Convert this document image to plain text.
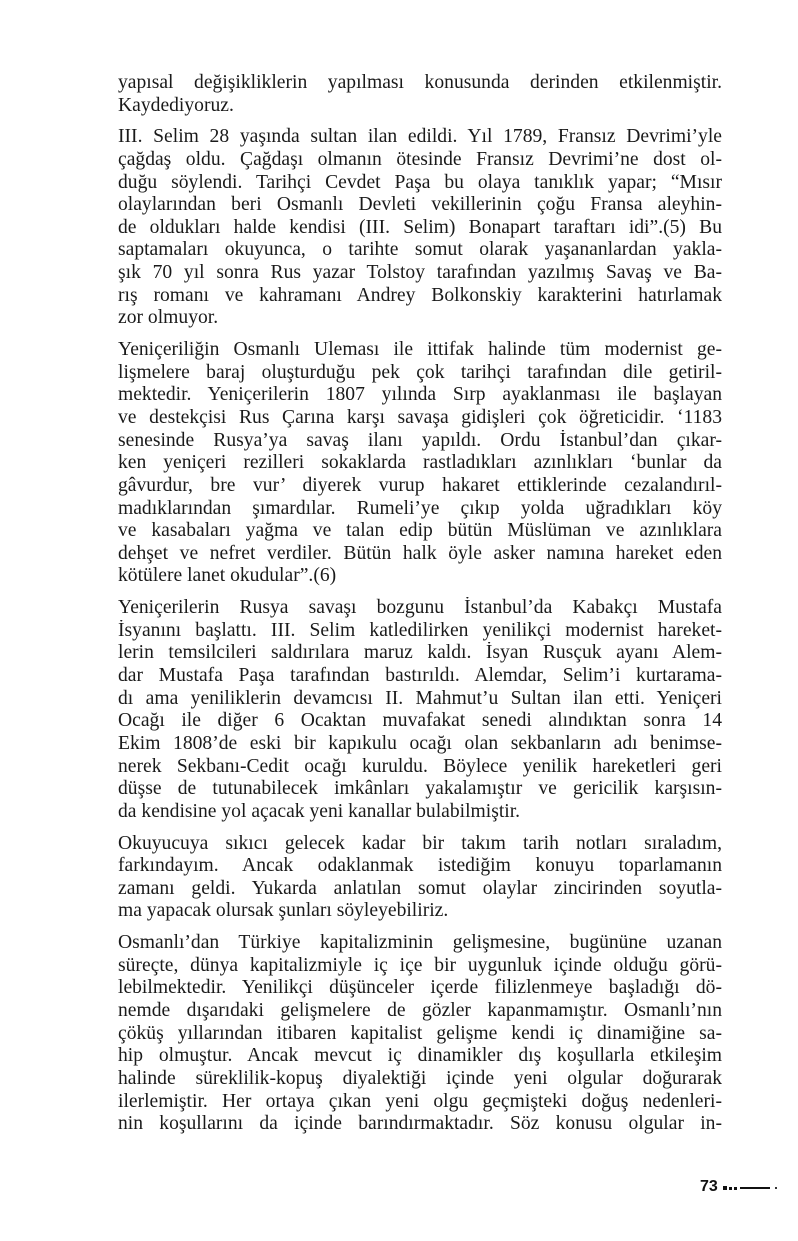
yapısal değişikliklerin yapılması konusunda derinden etkilenmiştir.
Kaydediyoruz.
III. Selim 28 yaşında sultan ilan edildi. Yıl 1789, Fransız Devrimi’yle
çağdaş oldu. Çağdaşı olmanın ötesinde Fransız Devrimi’ne dost ol-
duğu söylendi. Tarihçi Cevdet Paşa bu olaya tanıklık yapar; “Mısır
olaylarından beri Osmanlı Devleti vekillerinin çoğu Fransa aleyhin-
de oldukları halde kendisi (III. Selim) Bonapart taraftarı idi”.(5) Bu
saptamaları okuyunca, o tarihte somut olarak yaşananlardan yakla-
şık 70 yıl sonra Rus yazar Tolstoy tarafından yazılmış Savaş ve Ba-
rış romanı ve kahramanı Andrey Bolkonskiy karakterini hatırlamak
zor olmuyor.
Yeniçeriliğin Osmanlı Uleması ile ittifak halinde tüm modernist ge-
lişmelere baraj oluşturduğu pek çok tarihçi tarafından dile getiril-
mektedir. Yeniçerilerin 1807 yılında Sırp ayaklanması ile başlayan
ve destekçisi Rus Çarına karşı savaşa gidişleri çok öğreticidir. ‘1183
senesinde Rusya’ya savaş ilanı yapıldı. Ordu İstanbul’dan çıkar-
ken yeniçeri rezilleri sokaklarda rastladıkları azınlıkları ‘bunlar da
gâvurdur, bre vur’ diyerek vurup hakaret ettiklerinde cezalandırıl-
madıklarından şımardılar. Rumeli’ye çıkıp yolda uğradıkları köy
ve kasabaları yağma ve talan edip bütün Müslüman ve azınlıklara
dehşet ve nefret verdiler. Bütün halk öyle asker namına hareket eden
kötülere lanet okudular”.(6)
Yeniçerilerin Rusya savaşı bozgunu İstanbul’da Kabakçı Mustafa
İsyanını başlattı. III. Selim katledilirken yenilikçi modernist hareket-
lerin temsilcileri saldırılara maruz kaldı. İsyan Rusçuk ayanı Alem-
dar Mustafa Paşa tarafından bastırıldı. Alemdar, Selim’i kurtarama-
dı ama yeniliklerin devamcısı II. Mahmut’u Sultan ilan etti. Yeniçeri
Ocağı ile diğer 6 Ocaktan muvafakat senedi alındıktan sonra 14
Ekim 1808’de eski bir kapıkulu ocağı olan sekbanların adı benimse-
nerek Sekbanı-Cedit ocağı kuruldu. Böylece yenilik hareketleri geri
düşse de tutunabilecek imkânları yakalamıştır ve gericilik karşısın-
da kendisine yol açacak yeni kanallar bulabilmiştir.
Okuyucuya sıkıcı gelecek kadar bir takım tarih notları sıraladım,
farkındayım. Ancak odaklanmak istediğim konuyu toparlamanın
zamanı geldi. Yukarda anlatılan somut olaylar zincirinden soyutla-
ma yapacak olursak şunları söyleyebiliriz.
Osmanlı’dan Türkiye kapitalizminin gelişmesine, bugününe uzanan
süreçte, dünya kapitalizmiyle iç içe bir uygunluk içinde olduğu görü-
lebilmektedir. Yenilikçi düşünceler içerde filizlenmeye başladığı dö-
nemde dışarıdaki gelişmelere de gözler kapanmamıştır. Osmanlı’nın
çöküş yıllarından itibaren kapitalist gelişme kendi iç dinamiğine sa-
hip olmuştur. Ancak mevcut iç dinamikler dış koşullarla etkileşim
halinde süreklilik-kopuş diyalektiği içinde yeni olgular doğurarak
ilerlemiştir. Her ortaya çıkan yeni olgu geçmişteki doğuş nedenleri-
nin koşullarını da içinde barındırmaktadır. Söz konusu olgular in-
73
